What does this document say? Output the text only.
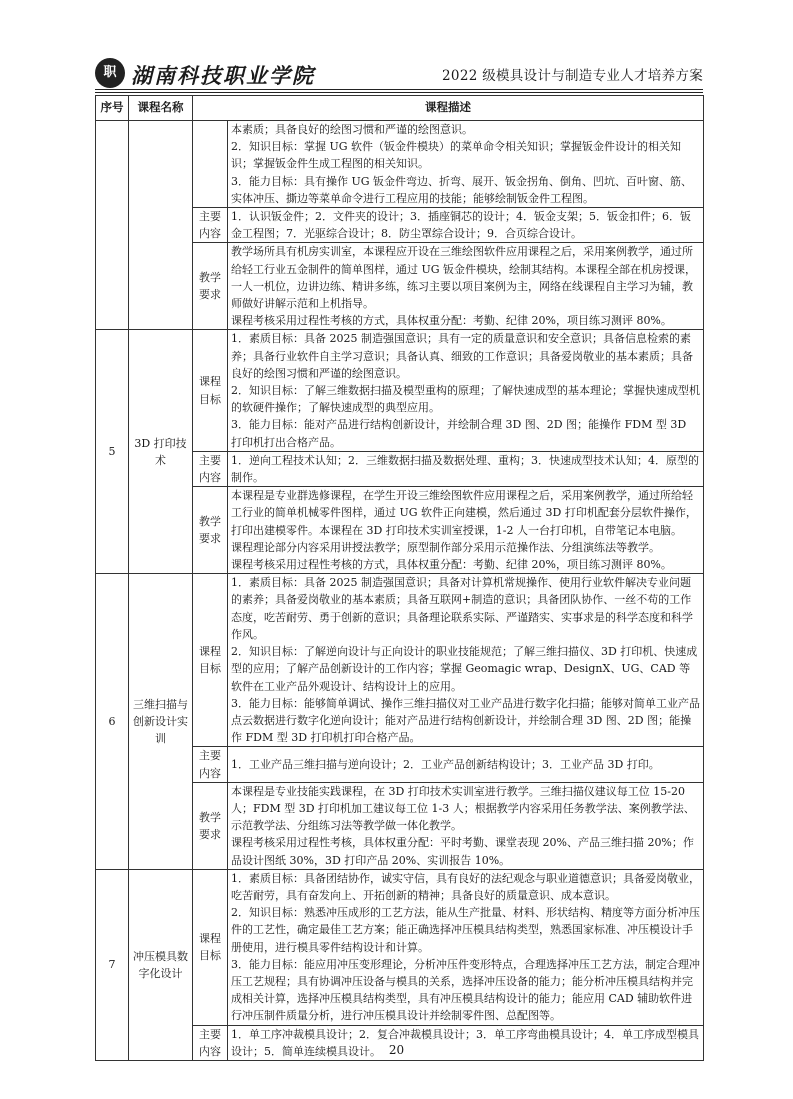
职 湖南科技职业学院	2022 级模具设计与制造专业人才培养方案
序号	课程名称	课程描述	

			本素质；具备良好的绘图习惯和严谨的绘图意识。
2．知识目标：掌握 UG 软件（钣金件模块）的菜单命令相关知识；掌握钣金件设计的相关知识；掌握钣金件生成工程图的相关知识。
3．能力目标：具有操作 UG 钣金件弯边、折弯、展开、钣金拐角、倒角、凹坑、百叶窗、筋、实体冲压、撕边等菜单命令进行工程应用的技能；能够绘制钣金件工程图。

		主要内容	1．认识钣金件；2．文件夹的设计；3．插座铜芯的设计；4．钣金支架；5．钣金扣件；6．钣金工程图；7．光驱综合设计；8．防尘罩综合设计；9．合页综合设计。

		教学要求	教学场所具有机房实训室，本课程应开设在三维绘图软件应用课程之后，采用案例教学，通过所给轻工行业五金制件的简单图样，通过 UG 钣金件模块，绘制其结构。本课程全部在机房授课，一人一机位，边讲边练、精讲多练，练习主要以项目案例为主，网络在线课程自主学习为辅，教师做好讲解示范和上机指导。
课程考核采用过程性考核的方式，具体权重分配：考勤、纪律 20%，项目练习测评 80%。

5	3D 打印技术	课程目标	1．素质目标：具备 2025 制造强国意识；具有一定的质量意识和安全意识；具备信息检索的素养；具备行业软件自主学习意识；具备认真、细致的工作意识；具备爱岗敬业的基本素质；具备良好的绘图习惯和严谨的绘图意识。
2．知识目标：了解三维数据扫描及模型重构的原理；了解快速成型的基本理论；掌握快速成型机的软硬件操作；了解快速成型的典型应用。
3．能力目标：能对产品进行结构创新设计，并绘制合理 3D 图、2D 图；能操作 FDM 型 3D 打印机打出合格产品。

		主要内容	1．逆向工程技术认知；2．三维数据扫描及数据处理、重构；3．快速成型技术认知；4．原型的制作。

		教学要求	本课程是专业群选修课程，在学生开设三维绘图软件应用课程之后，采用案例教学，通过所给轻工行业的简单机械零件图样，通过 UG 软件正向建模，然后通过 3D 打印机配套分层软件操作，打印出建模零件。本课程在 3D 打印技术实训室授课，1-2 人一台打印机，自带笔记本电脑。
课程理论部分内容采用讲授法教学；原型制作部分采用示范操作法、分组演练法等教学。
课程考核采用过程性考核的方式，具体权重分配：考勤、纪律 20%，项目练习测评 80%。

6	三维扫描与创新设计实训	课程目标	1．素质目标：具备 2025 制造强国意识；具备对计算机常规操作、使用行业软件解决专业问题的素养；具备爱岗敬业的基本素质；具备互联网+制造的意识；具备团队协作、一丝不苟的工作态度，吃苦耐劳、勇于创新的意识；具备理论联系实际、严谨踏实、实事求是的科学态度和科学作风。
2．知识目标：了解逆向设计与正向设计的职业技能规范；了解三维扫描仪、3D 打印机、快速成型的应用；了解产品创新设计的工作内容；掌握 Geomagic wrap、DesignX、UG、CAD 等软件在工业产品外观设计、结构设计上的应用。
3．能力目标：能够简单调试、操作三维扫描仪对工业产品进行数字化扫描；能够对简单工业产品点云数据进行数字化逆向设计；能对产品进行结构创新设计，并绘制合理 3D 图、2D 图；能操作 FDM 型 3D 打印机打印合格产品。

		主要内容	1．工业产品三维扫描与逆向设计；2．工业产品创新结构设计；3．工业产品 3D 打印。

		教学要求	本课程是专业技能实践课程，在 3D 打印技术实训室进行教学。三维扫描仪建议每工位 15-20 人；FDM 型 3D 打印机加工建议每工位 1-3 人；根据教学内容采用任务教学法、案例教学法、示范教学法、分组练习法等教学做一体化教学。
课程考核采用过程性考核，具体权重分配：平时考勤、课堂表现 20%、产品三维扫描 20%；作品设计图纸 30%，3D 打印产品 20%、实训报告 10%。

7	冲压模具数字化设计	课程目标	1．素质目标：具备团结协作，诚实守信，具有良好的法纪观念与职业道德意识；具备爱岗敬业，吃苦耐劳，具有奋发向上、开拓创新的精神；具备良好的质量意识、成本意识。
2．知识目标：熟悉冲压成形的工艺方法，能从生产批量、材料、形状结构、精度等方面分析冲压件的工艺性，确定最佳工艺方案；能正确选择冲压模具结构类型，熟悉国家标准、冲压模设计手册使用，进行模具零件结构设计和计算。
3．能力目标：能应用冲压变形理论，分析冲压件变形特点，合理选择冲压工艺方法，制定合理冲压工艺规程；具有协调冲压设备与模具的关系，选择冲压设备的能力；能分析冲压模具结构并完成相关计算，选择冲压模具结构类型，具有冲压模具结构设计的能力；能应用 CAD 辅助软件进行冲压制件质量分析，进行冲压模具设计并绘制零件图、总配图等。

		主要内容	1．单工序冲裁模具设计；2．复合冲裁模具设计；3．单工序弯曲模具设计；4．单工序成型模具设计；5．简单连续模具设计。 20
